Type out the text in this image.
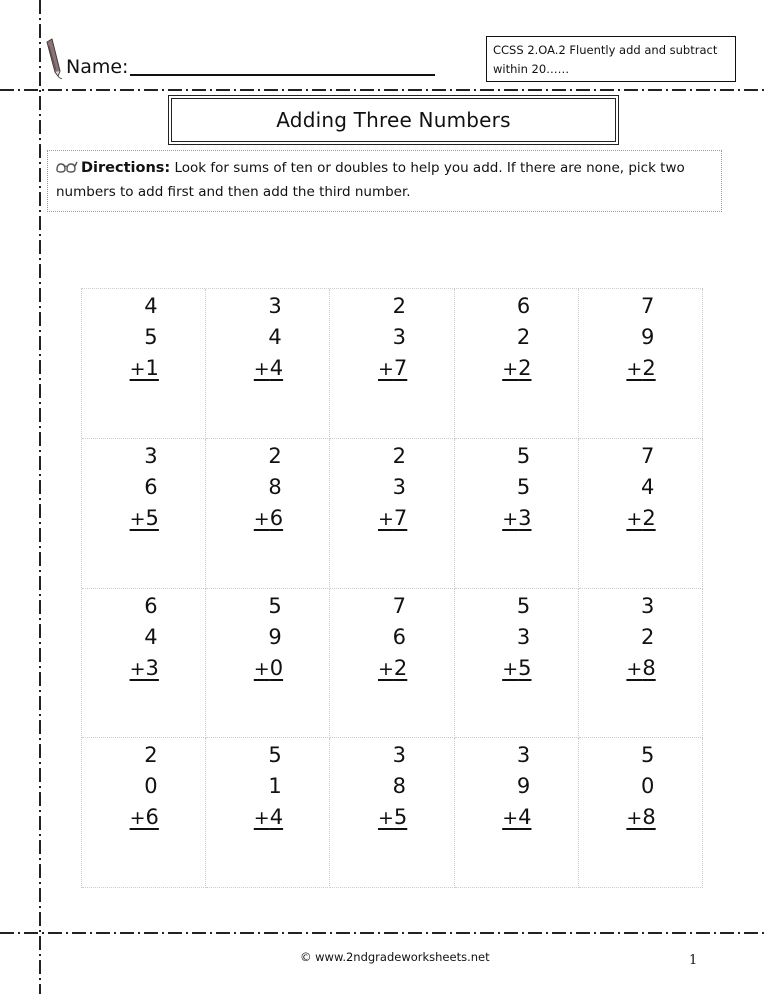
Name:
CCSS 2.OA.2 Fluently add and subtract within 20……
Adding Three Numbers
Directions: Look for sums of ten or doubles to help you add. If there are none, pick two numbers to add first and then add the third number.
4
5
+1
3
4
+4
2
3
+7
6
2
+2
7
9
+2
3
6
+5
2
8
+6
2
3
+7
5
5
+3
7
4
+2
6
4
+3
5
9
+0
7
6
+2
5
3
+5
3
2
+8
2
0
+6
5
1
+4
3
8
+5
3
9
+4
5
0
+8
© www.2ndgradeworksheets.net	1
